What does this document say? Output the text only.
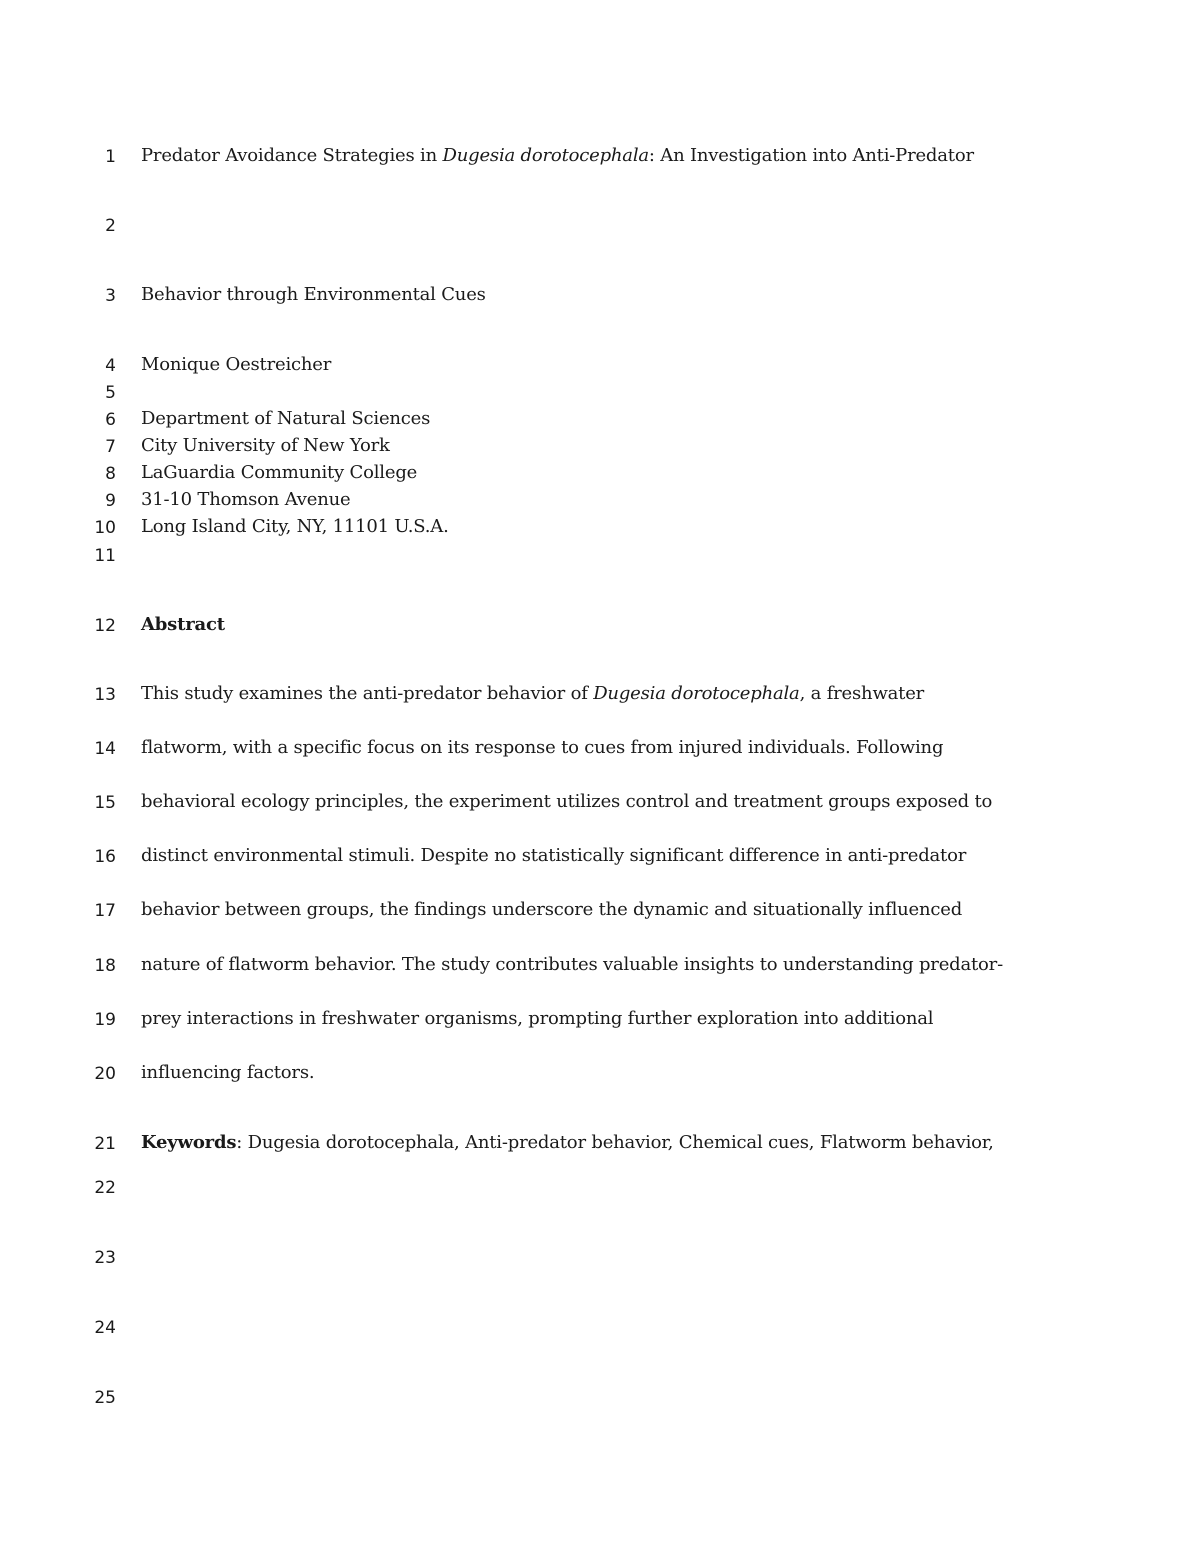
1
2
3
4
5
6
7
8
9
10
11
12
13
14
15
16
17
18
19
20
21
22
23
24
25
Predator Avoidance Strategies in Dugesia dorotocephala: An Investigation into Anti-Predator
Behavior through Environmental Cues
Monique Oestreicher
Department of Natural Sciences
City University of New York
LaGuardia Community College
31-10 Thomson Avenue
Long Island City, NY, 11101 U.S.A.
Abstract
This study examines the anti-predator behavior of Dugesia dorotocephala, a freshwater
flatworm, with a specific focus on its response to cues from injured individuals. Following
behavioral ecology principles, the experiment utilizes control and treatment groups exposed to
distinct environmental stimuli. Despite no statistically significant difference in anti-predator
behavior between groups, the findings underscore the dynamic and situationally influenced
nature of flatworm behavior. The study contributes valuable insights to understanding predator-
prey interactions in freshwater organisms, prompting further exploration into additional
influencing factors.
Keywords: Dugesia dorotocephala, Anti-predator behavior, Chemical cues, Flatworm behavior,
